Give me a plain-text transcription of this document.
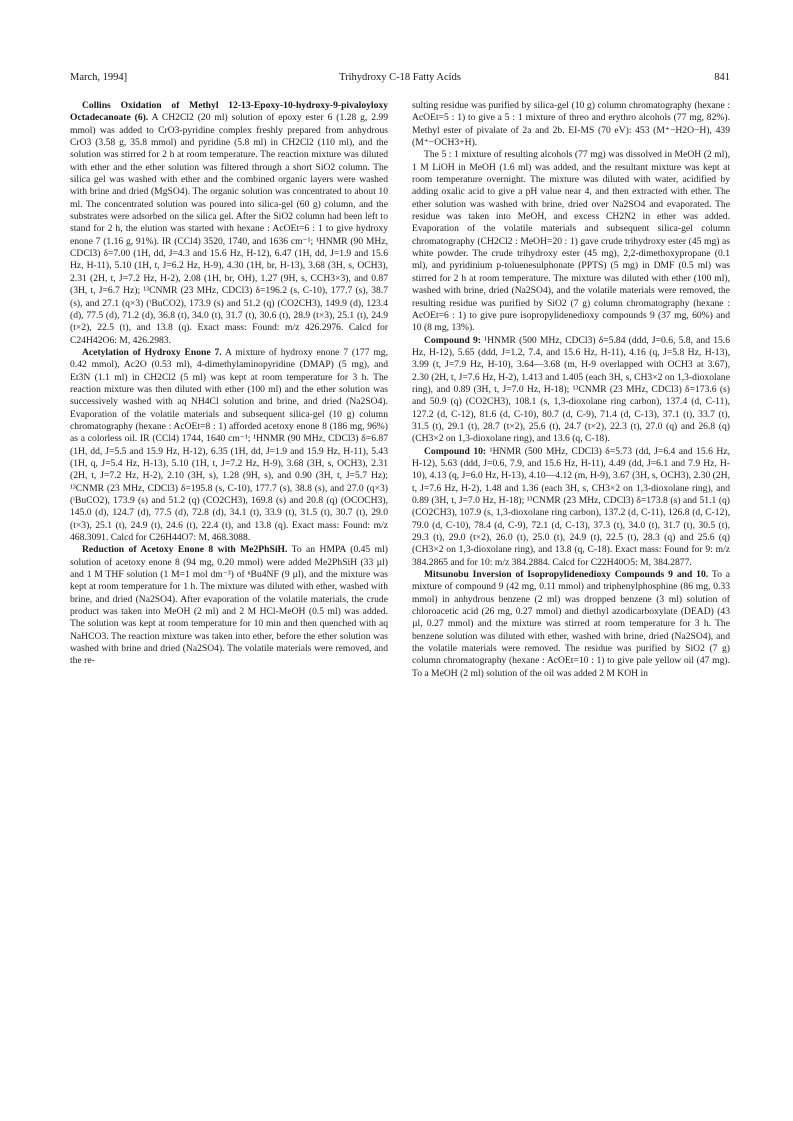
March, 1994]	Trihydroxy C-18 Fatty Acids	841

Collins Oxidation of Methyl 12-13-Epoxy-10-hydroxy-9-pivaloyloxy Octadecanoate (6). A CH2Cl2 (20 ml) solution of epoxy ester 6 (1.28 g, 2.99 mmol) was added to CrO3-pyridine complex freshly prepared from anhydrous CrO3 (3.58 g, 35.8 mmol) and pyridine (5.8 ml) in CH2Cl2 (110 ml), and the solution was stirred for 2 h at room temperature. The reaction mixture was diluted with ether and the ether solution was filtered through a short SiO2 column. The silica gel was washed with ether and the combined organic layers were washed with brine and dried (MgSO4). The organic solution was concentrated to about 10 ml. The concentrated solution was poured into silica-gel (60 g) column, and the substrates were adsorbed on the silica gel. After the SiO2 column had been left to stand for 2 h, the elution was started with hexane : AcOEt=6 : 1 to give hydroxy enone 7 (1.16 g, 91%). IR (CCl4) 3520, 1740, and 1636 cm⁻¹; ¹HNMR (90 MHz, CDCl3) δ=7.00 (1H, dd, J=4.3 and 15.6 Hz, H-12), 6.47 (1H, dd, J=1.9 and 15.6 Hz, H-11), 5.10 (1H, t, J=6.2 Hz, H-9), 4.30 (1H, br, H-13), 3.68 (3H, s, OCH3), 2.31 (2H, t, J=7.2 Hz, H-2), 2.08 (1H, br, OH), 1.27 (9H, s, CCH3×3), and 0.87 (3H, t, J=6.7 Hz); ¹³CNMR (23 MHz, CDCl3) δ=196.2 (s, C-10), 177.7 (s), 38.7 (s), and 27.1 (q×3) (ᵗBuCO2), 173.9 (s) and 51.2 (q) (CO2CH3), 149.9 (d), 123.4 (d), 77.5 (d), 71.2 (d), 36.8 (t), 34.0 (t), 31.7 (t), 30.6 (t), 28.9 (t×3), 25.1 (t), 24.9 (t×2), 22.5 (t), and 13.8 (q). Exact mass: Found: m/z 426.2976. Calcd for C24H42O6: M, 426.2983.

Acetylation of Hydroxy Enone 7. A mixture of hydroxy enone 7 (177 mg, 0.42 mmol), Ac2O (0.53 ml), 4-dimethylaminopyridine (DMAP) (5 mg), and Et3N (1.1 ml) in CH2Cl2 (5 ml) was kept at room temperature for 3 h. The reaction mixture was then diluted with ether (100 ml) and the ether solution was successively washed with aq NH4Cl solution and brine, and dried (Na2SO4). Evaporation of the volatile materials and subsequent silica-gel (10 g) column chromatography (hexane : AcOEt=8 : 1) afforded acetoxy enone 8 (186 mg, 96%) as a colorless oil. IR (CCl4) 1744, 1640 cm⁻¹; ¹HNMR (90 MHz, CDCl3) δ=6.87 (1H, dd, J=5.5 and 15.9 Hz, H-12), 6.35 (1H, dd, J=1.9 and 15.9 Hz, H-11), 5.43 (1H, q, J=5.4 Hz, H-13), 5.10 (1H, t, J=7.2 Hz, H-9), 3.68 (3H, s, OCH3), 2.31 (2H, t, J=7.2 Hz, H-2), 2.10 (3H, s), 1.28 (9H, s), and 0.90 (3H, t, J=5.7 Hz); ¹³CNMR (23 MHz, CDCl3) δ=195.8 (s, C-10), 177.7 (s), 38.8 (s), and 27.0 (q×3) (ᵗBuCO2), 173.9 (s) and 51.2 (q) (CO2CH3), 169.8 (s) and 20.8 (q) (OCOCH3), 145.0 (d), 124.7 (d), 77.5 (d), 72.8 (d), 34.1 (t), 33.9 (t), 31.5 (t), 30.7 (t), 29.0 (t×3), 25.1 (t), 24.9 (t), 24.6 (t), 22.4 (t), and 13.8 (q). Exact mass: Found: m/z 468.3091. Calcd for C26H44O7: M, 468.3088.

Reduction of Acetoxy Enone 8 with Me2PhSiH. To an HMPA (0.45 ml) solution of acetoxy enone 8 (94 mg, 0.20 mmol) were added Me2PhSiH (33 µl) and 1 M THF solution (1 M=1 mol dm⁻³) of ⁿBu4NF (9 µl), and the mixture was kept at room temperature for 1 h. The mixture was diluted with ether, washed with brine, and dried (Na2SO4). After evaporation of the volatile materials, the crude product was taken into MeOH (2 ml) and 2 M HCl-MeOH (0.5 ml) was added. The solution was kept at room temperature for 10 min and then quenched with aq NaHCO3. The reaction mixture was taken into ether, before the ether solution was washed with brine and dried (Na2SO4). The volatile materials were removed, and the re-

sulting residue was purified by silica-gel (10 g) column chromatography (hexane : AcOEt=5 : 1) to give a 5 : 1 mixture of threo and erythro alcohols (77 mg, 82%). Methyl ester of pivalate of 2a and 2b. EI-MS (70 eV): 453 (M⁺−H2O−H), 439 (M⁺−OCH3+H).

The 5 : 1 mixture of resulting alcohols (77 mg) was dissolved in MeOH (2 ml), 1 M LiOH in MeOH (1.6 ml) was added, and the resultant mixture was kept at room temperature overnight. The mixture was diluted with water, acidified by adding oxalic acid to give a pH value near 4, and then extracted with ether. The ether solution was washed with brine, dried over Na2SO4 and evaporated. The residue was taken into MeOH, and excess CH2N2 in ether was added. Evaporation of the volatile materials and subsequent silica-gel column chromatography (CH2Cl2 : MeOH=20 : 1) gave crude trihydroxy ester (45 mg) as white powder. The crude trihydroxy ester (45 mg), 2,2-dimethoxypropane (0.1 ml), and pyridinium p-toluenesulphonate (PPTS) (5 mg) in DMF (0.5 ml) was stirred for 2 h at room temperature. The mixture was diluted with ether (100 ml), washed with brine, dried (Na2SO4), and the volatile materials were removed, the resulting residue was purified by SiO2 (7 g) column chromatography (hexane : AcOEt=6 : 1) to give pure isopropylidenedioxy compounds 9 (37 mg, 60%) and 10 (8 mg, 13%).

Compound 9: ¹HNMR (500 MHz, CDCl3) δ=5.84 (ddd, J=0.6, 5.8, and 15.6 Hz, H-12), 5.65 (ddd, J=1.2, 7.4, and 15.6 Hz, H-11), 4.16 (q, J=5.8 Hz, H-13), 3.99 (t, J=7.9 Hz, H-10), 3.64—3.68 (m, H-9 overlapped with OCH3 at 3.67), 2.30 (2H, t, J=7.6 Hz, H-2), 1.413 and 1.405 (each 3H, s, CH3×2 on 1,3-dioxolane ring), and 0.89 (3H, t, J=7.0 Hz, H-18); ¹³CNMR (23 MHz, CDCl3) δ=173.6 (s) and 50.9 (q) (CO2CH3), 108.1 (s, 1,3-dioxolane ring carbon), 137.4 (d, C-11), 127.2 (d, C-12), 81.6 (d, C-10), 80.7 (d, C-9), 71.4 (d, C-13), 37.1 (t), 33.7 (t), 31.5 (t), 29.1 (t), 28.7 (t×2), 25.6 (t), 24.7 (t×2), 22.3 (t), 27.0 (q) and 26.8 (q) (CH3×2 on 1,3-dioxolane ring), and 13.6 (q, C-18).

Compound 10: ¹HNMR (500 MHz, CDCl3) δ=5.73 (dd, J=6.4 and 15.6 Hz, H-12), 5.63 (ddd, J=0.6, 7.9, and 15.6 Hz, H-11), 4.49 (dd, J=6.1 and 7.9 Hz, H-10), 4.13 (q, J=6.0 Hz, H-13), 4.10—4.12 (m, H-9), 3.67 (3H, s, OCH3), 2.30 (2H, t, J=7.6 Hz, H-2), 1.48 and 1.36 (each 3H, s, CH3×2 on 1,3-dioxolane ring), and 0.89 (3H, t, J=7.0 Hz, H-18); ¹³CNMR (23 MHz, CDCl3) δ=173.8 (s) and 51.1 (q) (CO2CH3), 107.9 (s, 1,3-dioxolane ring carbon), 137.2 (d, C-11), 126.8 (d, C-12), 79.0 (d, C-10), 78.4 (d, C-9), 72.1 (d, C-13), 37.3 (t), 34.0 (t), 31.7 (t), 30.5 (t), 29.3 (t), 29.0 (t×2), 26.0 (t), 25.0 (t), 24.9 (t), 22.5 (t), 28.3 (q) and 25.6 (q) (CH3×2 on 1,3-dioxolane ring), and 13.8 (q, C-18). Exact mass: Found for 9: m/z 384.2865 and for 10: m/z 384.2884. Calcd for C22H40O5: M, 384.2877.

Mitsunobu Inversion of Isopropylidenedioxy Compounds 9 and 10. To a mixture of compound 9 (42 mg, 0.11 mmol) and triphenylphosphine (86 mg, 0.33 mmol) in anhydrous benzene (2 ml) was dropped benzene (3 ml) solution of chloroacetic acid (26 mg, 0.27 mmol) and diethyl azodicarboxylate (DEAD) (43 µl, 0.27 mmol) and the mixture was stirred at room temperature for 3 h. The benzene solution was diluted with ether, washed with brine, dried (Na2SO4), and the volatile materials were removed. The residue was purified by SiO2 (7 g) column chromatography (hexane : AcOEt=10 : 1) to give pale yellow oil (47 mg). To a MeOH (2 ml) solution of the oil was added 2 M KOH in
